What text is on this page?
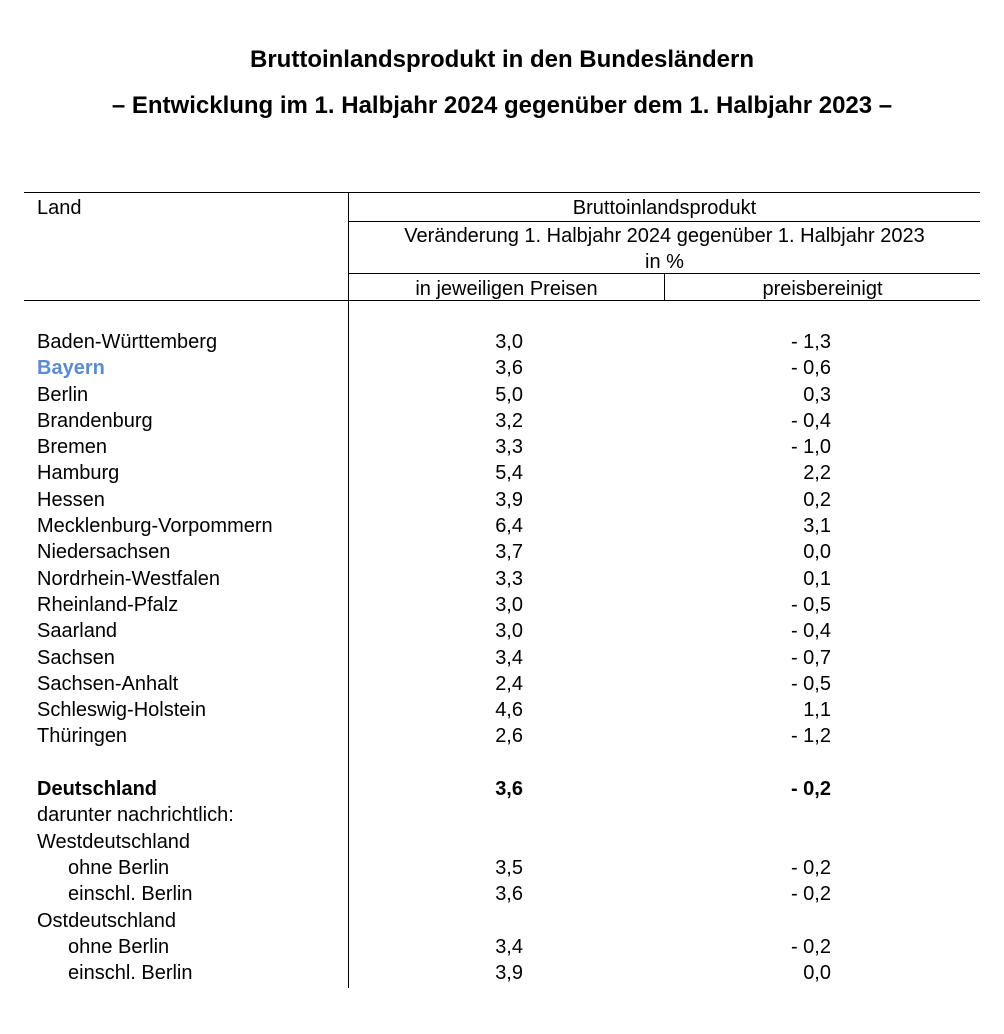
Bruttoinlandsprodukt in den Bundesländern
– Entwicklung im 1. Halbjahr 2024 gegenüber dem 1. Halbjahr 2023 –
Land	Bruttoinlandsprodukt
Veränderung 1. Halbjahr 2024 gegenüber 1. Halbjahr 2023
in %
in jeweiligen Preisen	preisbereinigt
Baden-Württemberg	3,0	- 1,3
Bayern	3,6	- 0,6
Berlin	5,0	0,3
Brandenburg	3,2	- 0,4
Bremen	3,3	- 1,0
Hamburg	5,4	2,2
Hessen	3,9	0,2
Mecklenburg-Vorpommern	6,4	3,1
Niedersachsen	3,7	0,0
Nordrhein-Westfalen	3,3	0,1
Rheinland-Pfalz	3,0	- 0,5
Saarland	3,0	- 0,4
Sachsen	3,4	- 0,7
Sachsen-Anhalt	2,4	- 0,5
Schleswig-Holstein	4,6	1,1
Thüringen	2,6	- 1,2
Deutschland	3,6	- 0,2
darunter nachrichtlich:
Westdeutschland
ohne Berlin	3,5	- 0,2
einschl. Berlin	3,6	- 0,2
Ostdeutschland
ohne Berlin	3,4	- 0,2
einschl. Berlin	3,9	0,0
